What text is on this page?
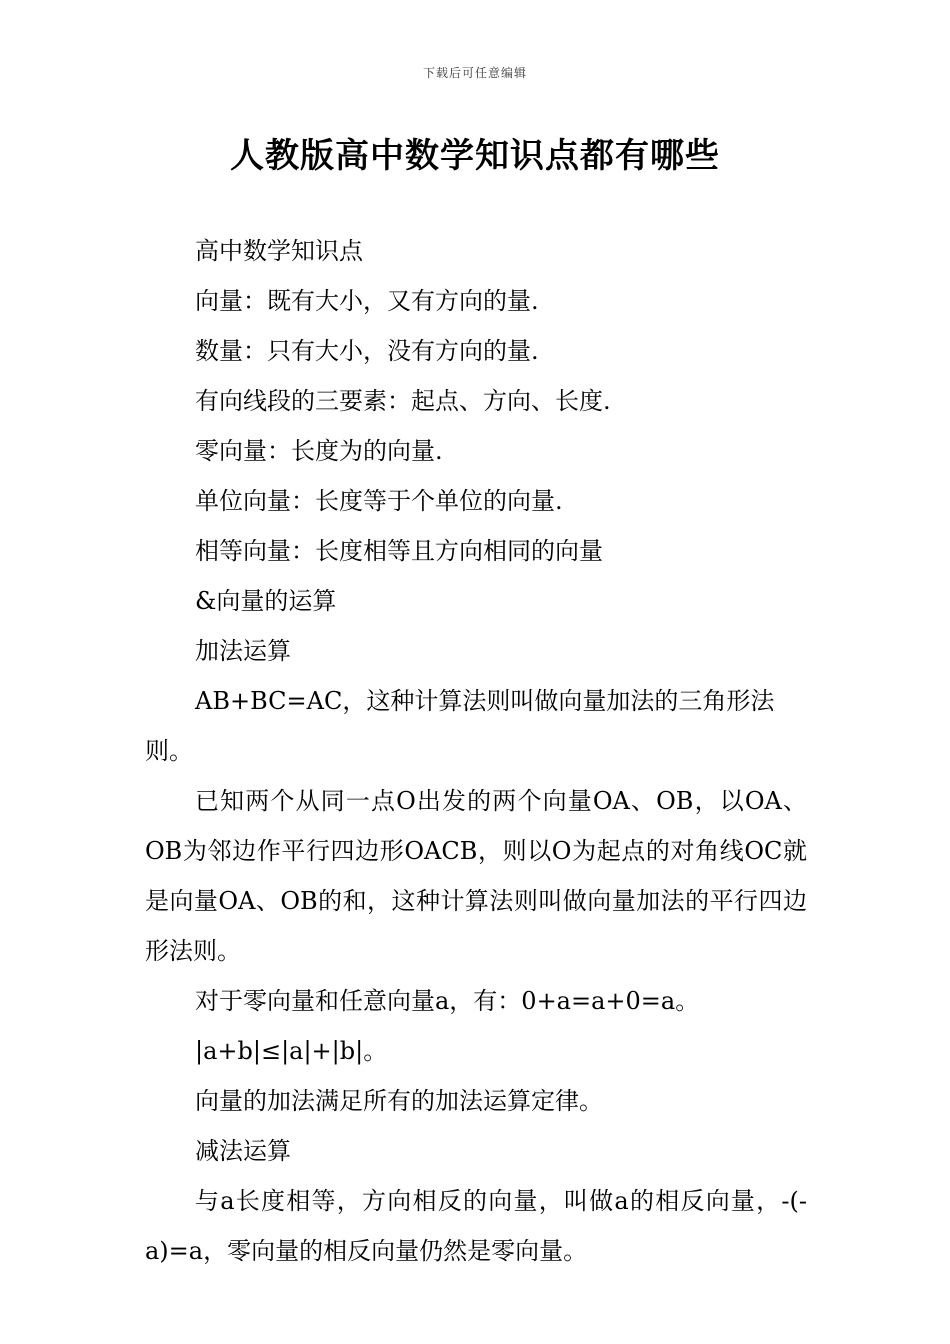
下载后可任意编辑
人教版高中数学知识点都有哪些

高中数学知识点

向量：既有大小，又有方向的量.

数量：只有大小，没有方向的量.

有向线段的三要素：起点、方向、长度.

零向量：长度为的向量.

单位向量：长度等于个单位的向量.

相等向量：长度相等且方向相同的向量

&向量的运算

加法运算

AB+BC=AC，这种计算法则叫做向量加法的三角形法则。

已知两个从同一点O出发的两个向量OA、OB，以OA、OB为邻边作平行四边形OACB，则以O为起点的对角线OC就是向量OA、OB的和，这种计算法则叫做向量加法的平行四边形法则。

对于零向量和任意向量a，有：0+a=a+0=a。

|a+b|≤|a|+|b|。

向量的加法满足所有的加法运算定律。

减法运算

与a长度相等，方向相反的向量，叫做a的相反向量，-(-a)=a，零向量的相反向量仍然是零向量。
